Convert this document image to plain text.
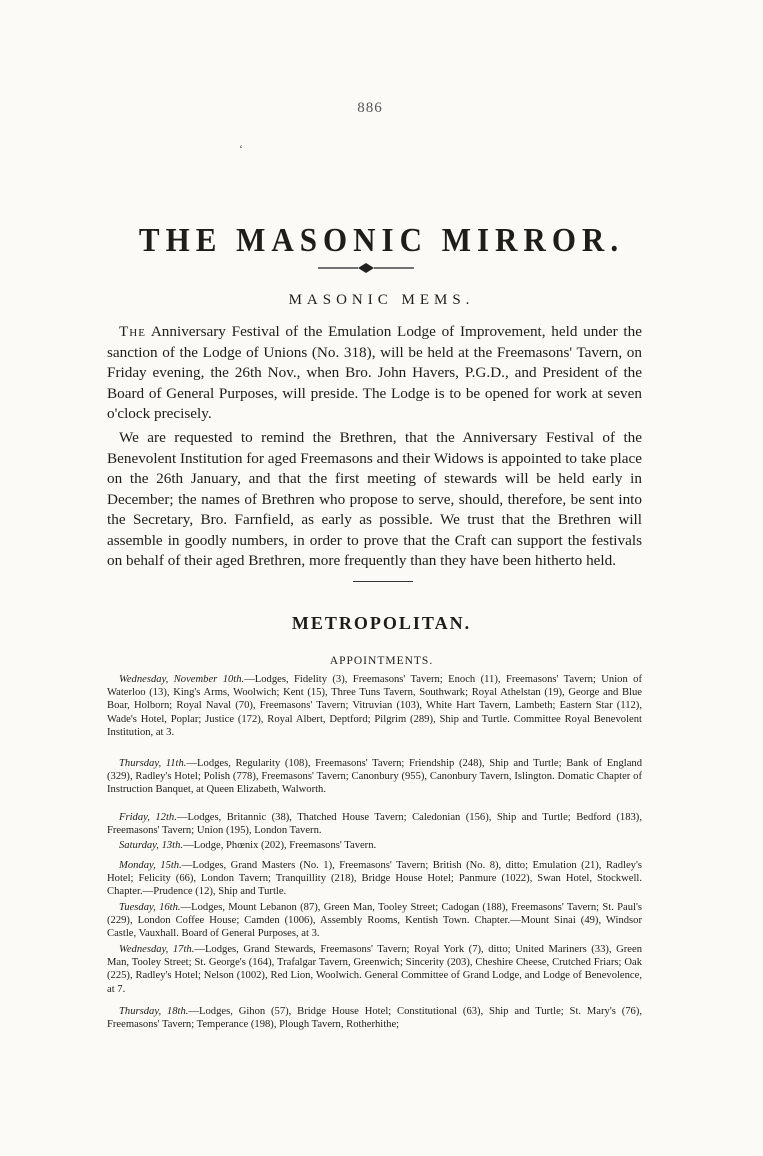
886
ʻ
THE MASONIC MIRROR.
MASONIC MEMS.

The Anniversary Festival of the Emulation Lodge of Improvement, held under the sanction of the Lodge of Unions (No. 318), will be held at the Freemasons' Tavern, on Friday evening, the 26th Nov., when Bro. John Havers, P.G.D., and President of the Board of General Purposes, will preside. The Lodge is to be opened for work at seven o'clock precisely.

We are requested to remind the Brethren, that the Anniversary Festival of the Benevolent Institution for aged Freemasons and their Widows is appointed to take place on the 26th January, and that the first meeting of stewards will be held early in December; the names of Brethren who propose to serve, should, therefore, be sent into the Secretary, Bro. Farnfield, as early as possible. We trust that the Brethren will assemble in goodly numbers, in order to prove that the Craft can support the festivals on behalf of their aged Brethren, more frequently than they have been hitherto held.

METROPOLITAN.
APPOINTMENTS.

Wednesday, November 10th.—Lodges, Fidelity (3), Freemasons' Tavern; Enoch (11), Freemasons' Tavern; Union of Waterloo (13), King's Arms, Woolwich; Kent (15), Three Tuns Tavern, Southwark; Royal Athelstan (19), George and Blue Boar, Holborn; Royal Naval (70), Freemasons' Tavern; Vitruvian (103), White Hart Tavern, Lambeth; Eastern Star (112), Wade's Hotel, Poplar; Justice (172), Royal Albert, Deptford; Pilgrim (289), Ship and Turtle. Committee Royal Benevolent Institution, at 3.

Thursday, 11th.—Lodges, Regularity (108), Freemasons' Tavern; Friendship (248), Ship and Turtle; Bank of England (329), Radley's Hotel; Polish (778), Freemasons' Tavern; Canonbury (955), Canonbury Tavern, Islington. Domatic Chapter of Instruction Banquet, at Queen Elizabeth, Walworth.

Friday, 12th.—Lodges, Britannic (38), Thatched House Tavern; Caledonian (156), Ship and Turtle; Bedford (183), Freemasons' Tavern; Union (195), London Tavern.

Saturday, 13th.—Lodge, Phœnix (202), Freemasons' Tavern.

Monday, 15th.—Lodges, Grand Masters (No. 1), Freemasons' Tavern; British (No. 8), ditto; Emulation (21), Radley's Hotel; Felicity (66), London Tavern; Tranquillity (218), Bridge House Hotel; Panmure (1022), Swan Hotel, Stockwell. Chapter.—Prudence (12), Ship and Turtle.

Tuesday, 16th.—Lodges, Mount Lebanon (87), Green Man, Tooley Street; Cadogan (188), Freemasons' Tavern; St. Paul's (229), London Coffee House; Camden (1006), Assembly Rooms, Kentish Town. Chapter.—Mount Sinai (49), Windsor Castle, Vauxhall. Board of General Purposes, at 3.

Wednesday, 17th.—Lodges, Grand Stewards, Freemasons' Tavern; Royal York (7), ditto; United Mariners (33), Green Man, Tooley Street; St. George's (164), Trafalgar Tavern, Greenwich; Sincerity (203), Cheshire Cheese, Crutched Friars; Oak (225), Radley's Hotel; Nelson (1002), Red Lion, Woolwich. General Committee of Grand Lodge, and Lodge of Benevolence, at 7.

Thursday, 18th.—Lodges, Gihon (57), Bridge House Hotel; Constitutional (63), Ship and Turtle; St. Mary's (76), Freemasons' Tavern; Temperance (198), Plough Tavern, Rotherhithe;
